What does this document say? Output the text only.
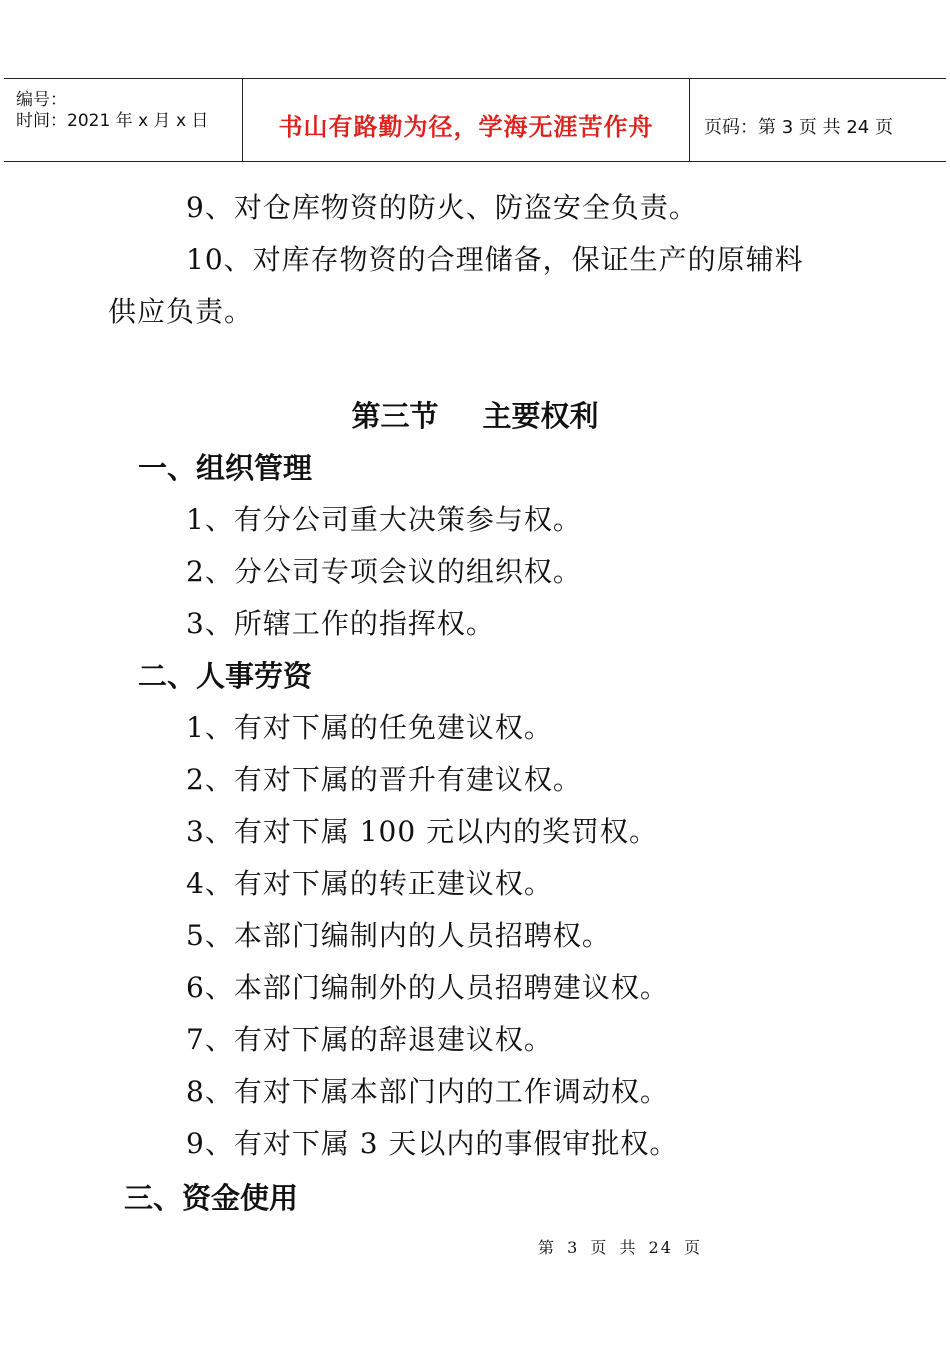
编号：
时间：2021 年 x 月 x 日	书山有路勤为径，学海无涯苦作舟	页码：第 3 页 共 24 页
9、对仓库物资的防火、防盗安全负责。
10、对库存物资的合理储备，保证生产的原辅料
供应负责。
第三节 主要权利
一、组织管理
1、有分公司重大决策参与权。
2、分公司专项会议的组织权。
3、所辖工作的指挥权。
二、人事劳资
1、有对下属的任免建议权。
2、有对下属的晋升有建议权。
3、有对下属 100 元以内的奖罚权。
4、有对下属的转正建议权。
5、本部门编制内的人员招聘权。
6、本部门编制外的人员招聘建议权。
7、有对下属的辞退建议权。
8、有对下属本部门内的工作调动权。
9、有对下属 3 天以内的事假审批权。
三、资金使用
第 3 页 共 24 页
